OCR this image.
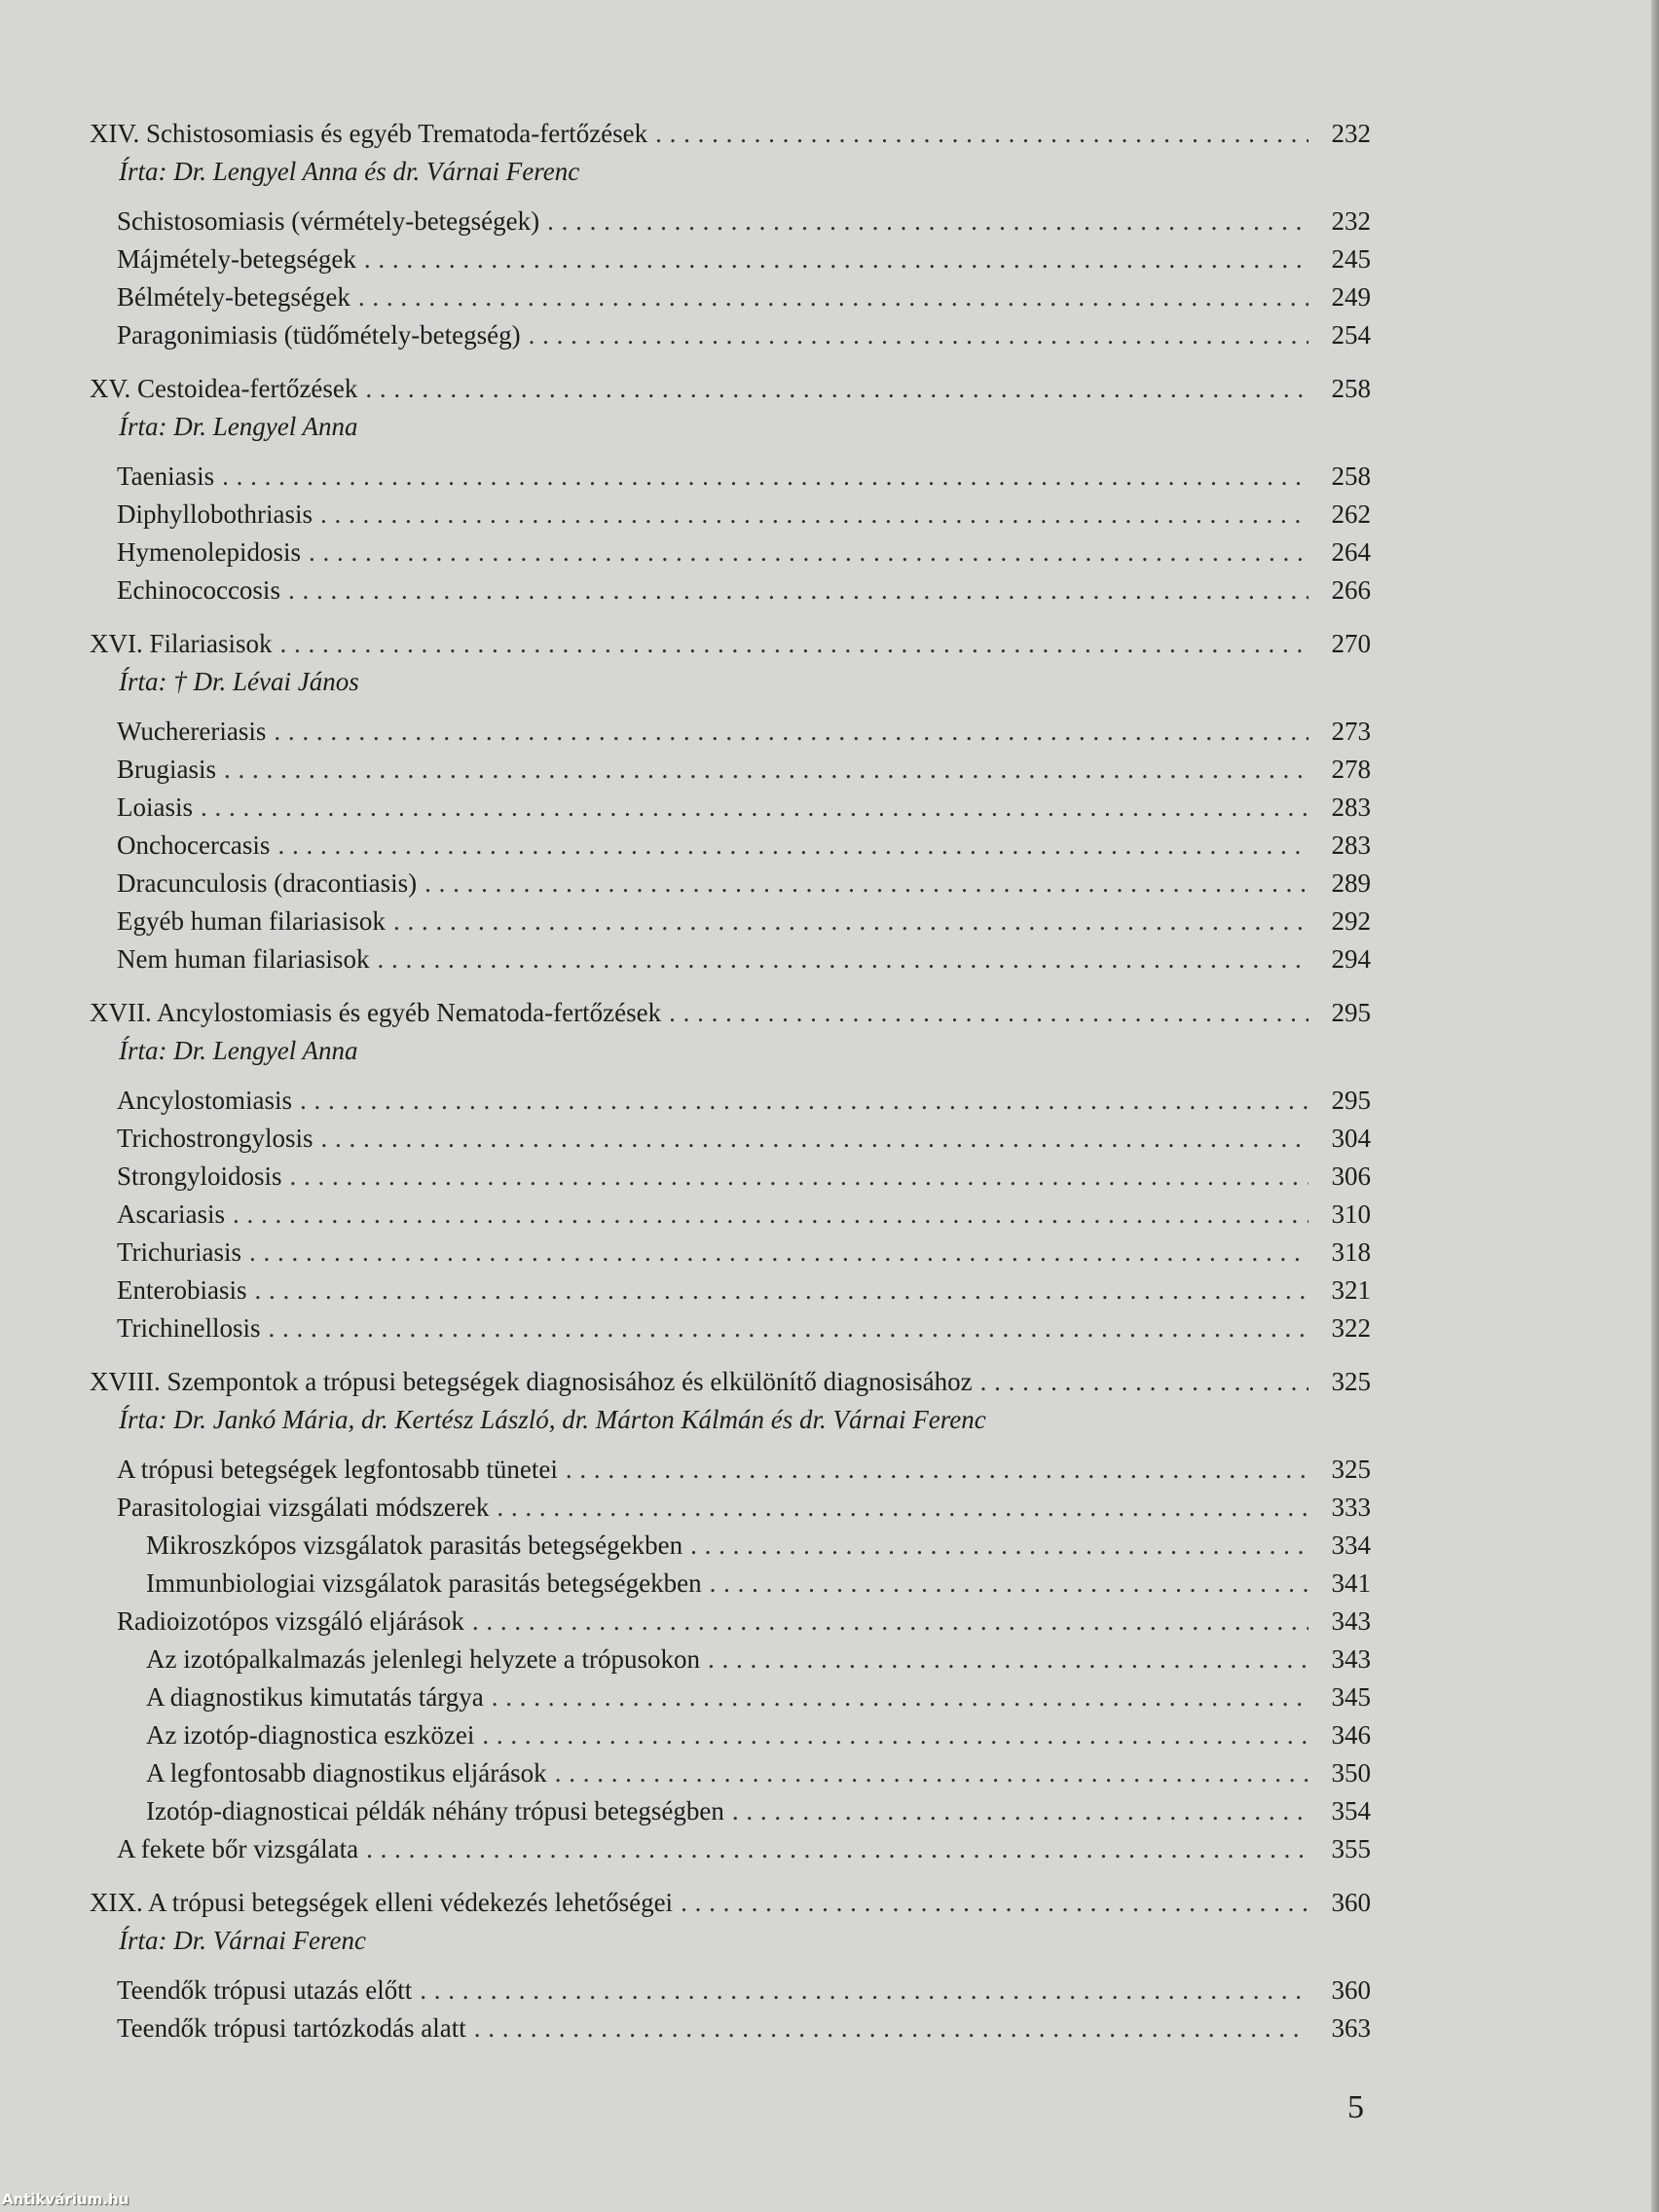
XIV. Schistosomiasis és egyéb Trematoda-fertőzések . . .	232
Írta: Dr. Lengyel Anna és dr. Várnai Ferenc
Schistosomiasis (vérmétely-betegségek) . . .	232
Májmétely-betegségek . . .	245
Bélmétely-betegségek . . .	249
Paragonimiasis (tüdőmétely-betegség) . . .	254
XV. Cestoidea-fertőzések . . .	258
Írta: Dr. Lengyel Anna
Taeniasis . . .	258
Diphyllobothriasis . . .	262
Hymenolepidosis . . .	264
Echinococcosis . . .	266
XVI. Filariasisok . . .	270
Írta: † Dr. Lévai János
Wuchereriasis . . .	273
Brugiasis . . .	278
Loiasis . . .	283
Onchocercasis . . .	283
Dracunculosis (dracontiasis) . . .	289
Egyéb human filariasisok . . .	292
Nem human filariasisok . . .	294
XVII. Ancylostomiasis és egyéb Nematoda-fertőzések . . .	295
Írta: Dr. Lengyel Anna
Ancylostomiasis . . .	295
Trichostrongylosis . . .	304
Strongyloidosis . . .	306
Ascariasis . . .	310
Trichuriasis . . .	318
Enterobiasis . . .	321
Trichinellosis . . .	322
XVIII. Szempontok a trópusi betegségek diagnosisához és elkülönítő diagnosisához . . .	325
Írta: Dr. Jankó Mária, dr. Kertész László, dr. Márton Kálmán és dr. Várnai Ferenc
A trópusi betegségek legfontosabb tünetei . . .	325
Parasitologiai vizsgálati módszerek . . .	333
Mikroszkópos vizsgálatok parasitás betegségekben . . .	334
Immunbiologiai vizsgálatok parasitás betegségekben . . .	341
Radioizotópos vizsgáló eljárások . . .	343
Az izotópalkalmazás jelenlegi helyzete a trópusokon . . .	343
A diagnostikus kimutatás tárgya . . .	345
Az izotóp-diagnostica eszközei . . .	346
A legfontosabb diagnostikus eljárások . . .	350
Izotóp-diagnosticai példák néhány trópusi betegségben . . .	354
A fekete bőr vizsgálata . . .	355
XIX. A trópusi betegségek elleni védekezés lehetőségei . . .	360
Írta: Dr. Várnai Ferenc
Teendők trópusi utazás előtt . . .	360
Teendők trópusi tartózkodás alatt . . .	363
5
Antikvárium.hu
